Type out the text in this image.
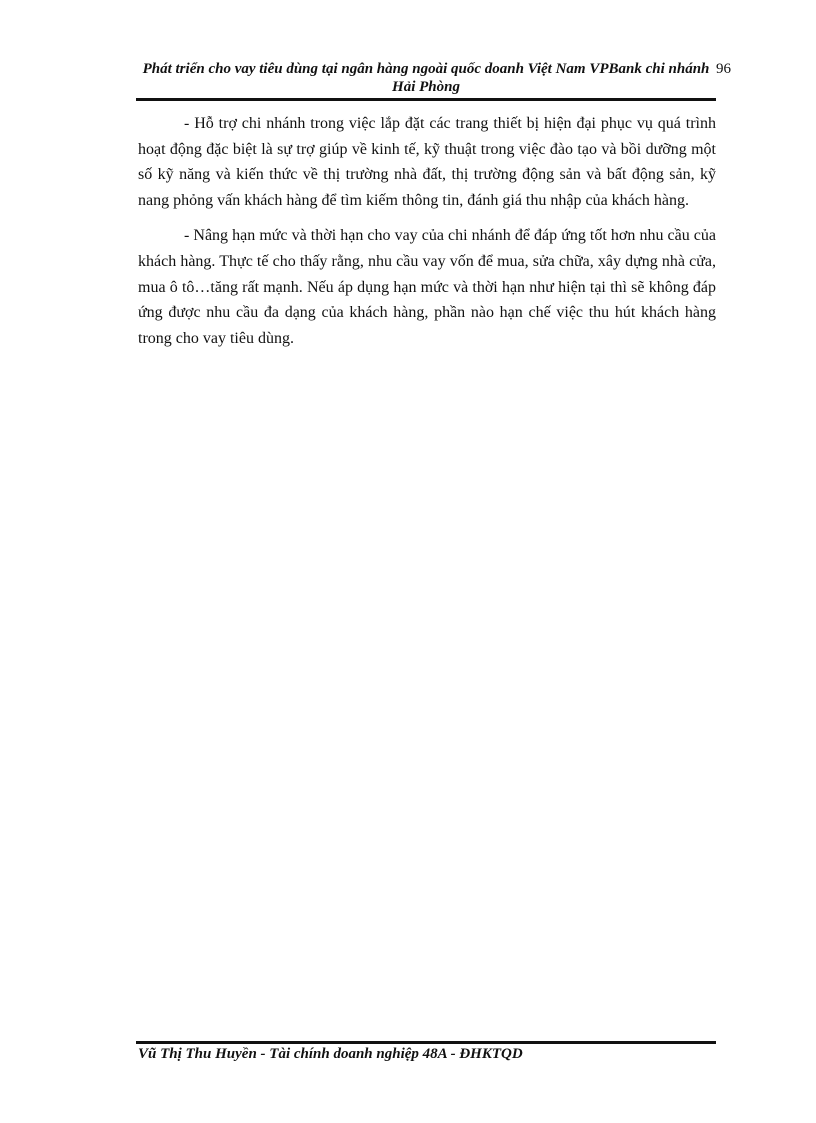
Phát triển cho vay tiêu dùng tại ngân hàng ngoài quốc doanh Việt Nam VPBank chi nhánh Hải Phòng
96

- Hỗ trợ chi nhánh trong việc lắp đặt các trang thiết bị hiện đại phục vụ quá trình hoạt động đặc biệt là sự trợ giúp về kinh tế, kỹ thuật trong việc đào tạo và bồi dưỡng một số kỹ năng và kiến thức về thị trường nhà đất, thị trường động sản và bất động sản, kỹ nang phỏng vấn khách hàng để tìm kiếm thông tin, đánh giá thu nhập của khách hàng.

- Nâng hạn mức và thời hạn cho vay của chi nhánh để đáp ứng tốt hơn nhu cầu của khách hàng. Thực tế cho thấy rằng, nhu cầu vay vốn để mua, sửa chữa, xây dựng nhà cửa, mua ô tô…tăng rất mạnh. Nếu áp dụng hạn mức và thời hạn như hiện tại thì sẽ không đáp ứng được nhu cầu đa dạng của khách hàng, phần nào hạn chế việc thu hút khách hàng trong cho vay tiêu dùng.

Vũ Thị Thu Huyền - Tài chính doanh nghiệp 48A - ĐHKTQD
